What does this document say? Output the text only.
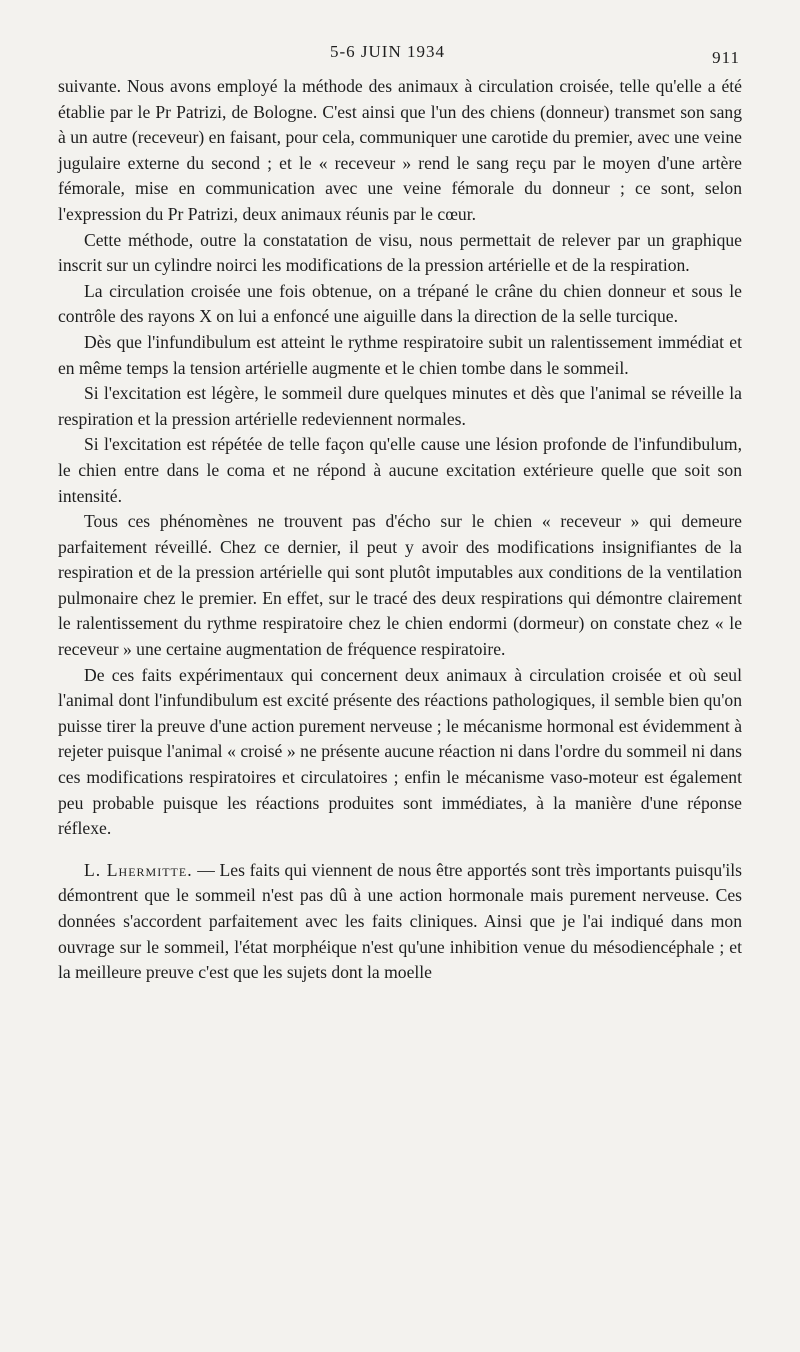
5-6 JUIN 1934	911

suivante. Nous avons employé la méthode des animaux à circulation croisée, telle qu'elle a été établie par le Pr Patrizi, de Bologne. C'est ainsi que l'un des chiens (donneur) transmet son sang à un autre (receveur) en faisant, pour cela, communiquer une carotide du premier, avec une veine jugulaire externe du second ; et le « receveur » rend le sang reçu par le moyen d'une artère fémorale, mise en communication avec une veine fémorale du donneur ; ce sont, selon l'expression du Pr Patrizi, deux animaux réunis par le cœur.

Cette méthode, outre la constatation de visu, nous permettait de relever par un graphique inscrit sur un cylindre noirci les modifications de la pression artérielle et de la respiration.

La circulation croisée une fois obtenue, on a trépané le crâne du chien donneur et sous le contrôle des rayons X on lui a enfoncé une aiguille dans la direction de la selle turcique.

Dès que l'infundibulum est atteint le rythme respiratoire subit un ralentissement immédiat et en même temps la tension artérielle augmente et le chien tombe dans le sommeil.

Si l'excitation est légère, le sommeil dure quelques minutes et dès que l'animal se réveille la respiration et la pression artérielle redeviennent normales.

Si l'excitation est répétée de telle façon qu'elle cause une lésion profonde de l'infundibulum, le chien entre dans le coma et ne répond à aucune excitation extérieure quelle que soit son intensité.

Tous ces phénomènes ne trouvent pas d'écho sur le chien « receveur » qui demeure parfaitement réveillé. Chez ce dernier, il peut y avoir des modifications insignifiantes de la respiration et de la pression artérielle qui sont plutôt imputables aux conditions de la ventilation pulmonaire chez le premier. En effet, sur le tracé des deux respirations qui démontre clairement le ralentissement du rythme respiratoire chez le chien endormi (dormeur) on constate chez « le receveur » une certaine augmentation de fréquence respiratoire.

De ces faits expérimentaux qui concernent deux animaux à circulation croisée et où seul l'animal dont l'infundibulum est excité présente des réactions pathologiques, il semble bien qu'on puisse tirer la preuve d'une action purement nerveuse ; le mécanisme hormonal est évidemment à rejeter puisque l'animal « croisé » ne présente aucune réaction ni dans l'ordre du sommeil ni dans ces modifications respiratoires et circulatoires ; enfin le mécanisme vaso-moteur est également peu probable puisque les réactions produites sont immédiates, à la manière d'une réponse réflexe.

L. Lhermitte. — Les faits qui viennent de nous être apportés sont très importants puisqu'ils démontrent que le sommeil n'est pas dû à une action hormonale mais purement nerveuse. Ces données s'accordent parfaitement avec les faits cliniques. Ainsi que je l'ai indiqué dans mon ouvrage sur le sommeil, l'état morphéique n'est qu'une inhibition venue du mésodiencéphale ; et la meilleure preuve c'est que les sujets dont la moelle
